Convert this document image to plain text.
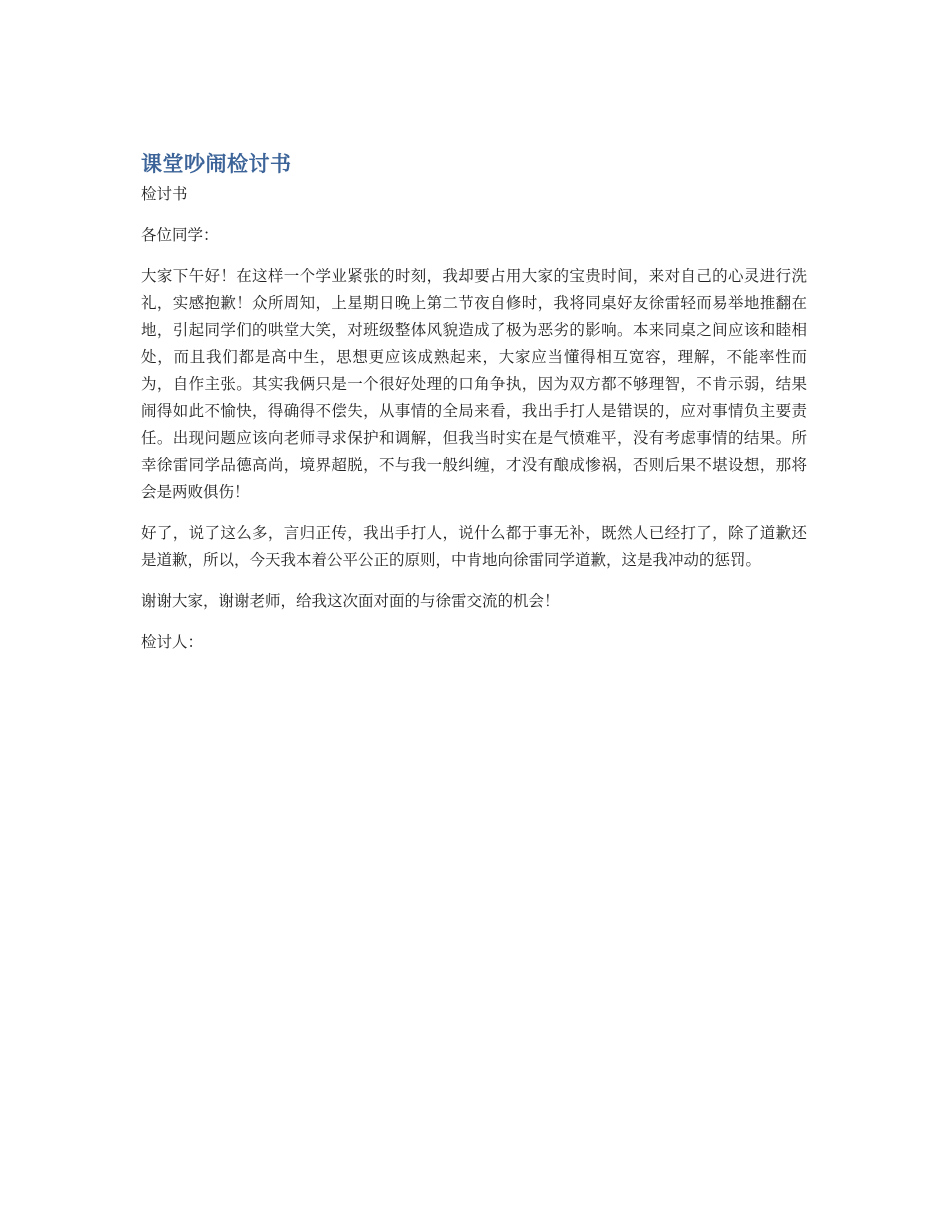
课堂吵闹检讨书

检讨书

各位同学：

大家下午好！在这样一个学业紧张的时刻，我却要占用大家的宝贵时间，来对自己的心灵进行洗礼，实感抱歉！众所周知，上星期日晚上第二节夜自修时，我将同桌好友徐雷轻而易举地推翻在地，引起同学们的哄堂大笑，对班级整体风貌造成了极为恶劣的影响。本来同桌之间应该和睦相处，而且我们都是高中生，思想更应该成熟起来，大家应当懂得相互宽容，理解，不能率性而为，自作主张。其实我俩只是一个很好处理的口角争执，因为双方都不够理智，不肯示弱，结果闹得如此不愉快，得确得不偿失，从事情的全局来看，我出手打人是错误的，应对事情负主要责任。出现问题应该向老师寻求保护和调解，但我当时实在是气愤难平，没有考虑事情的结果。所幸徐雷同学品德高尚，境界超脱，不与我一般纠缠，才没有酿成惨祸，否则后果不堪设想，那将会是两败俱伤！

好了，说了这么多，言归正传，我出手打人，说什么都于事无补，既然人已经打了，除了道歉还是道歉，所以，今天我本着公平公正的原则，中肯地向徐雷同学道歉，这是我冲动的惩罚。

谢谢大家，谢谢老师，给我这次面对面的与徐雷交流的机会！

检讨人：
